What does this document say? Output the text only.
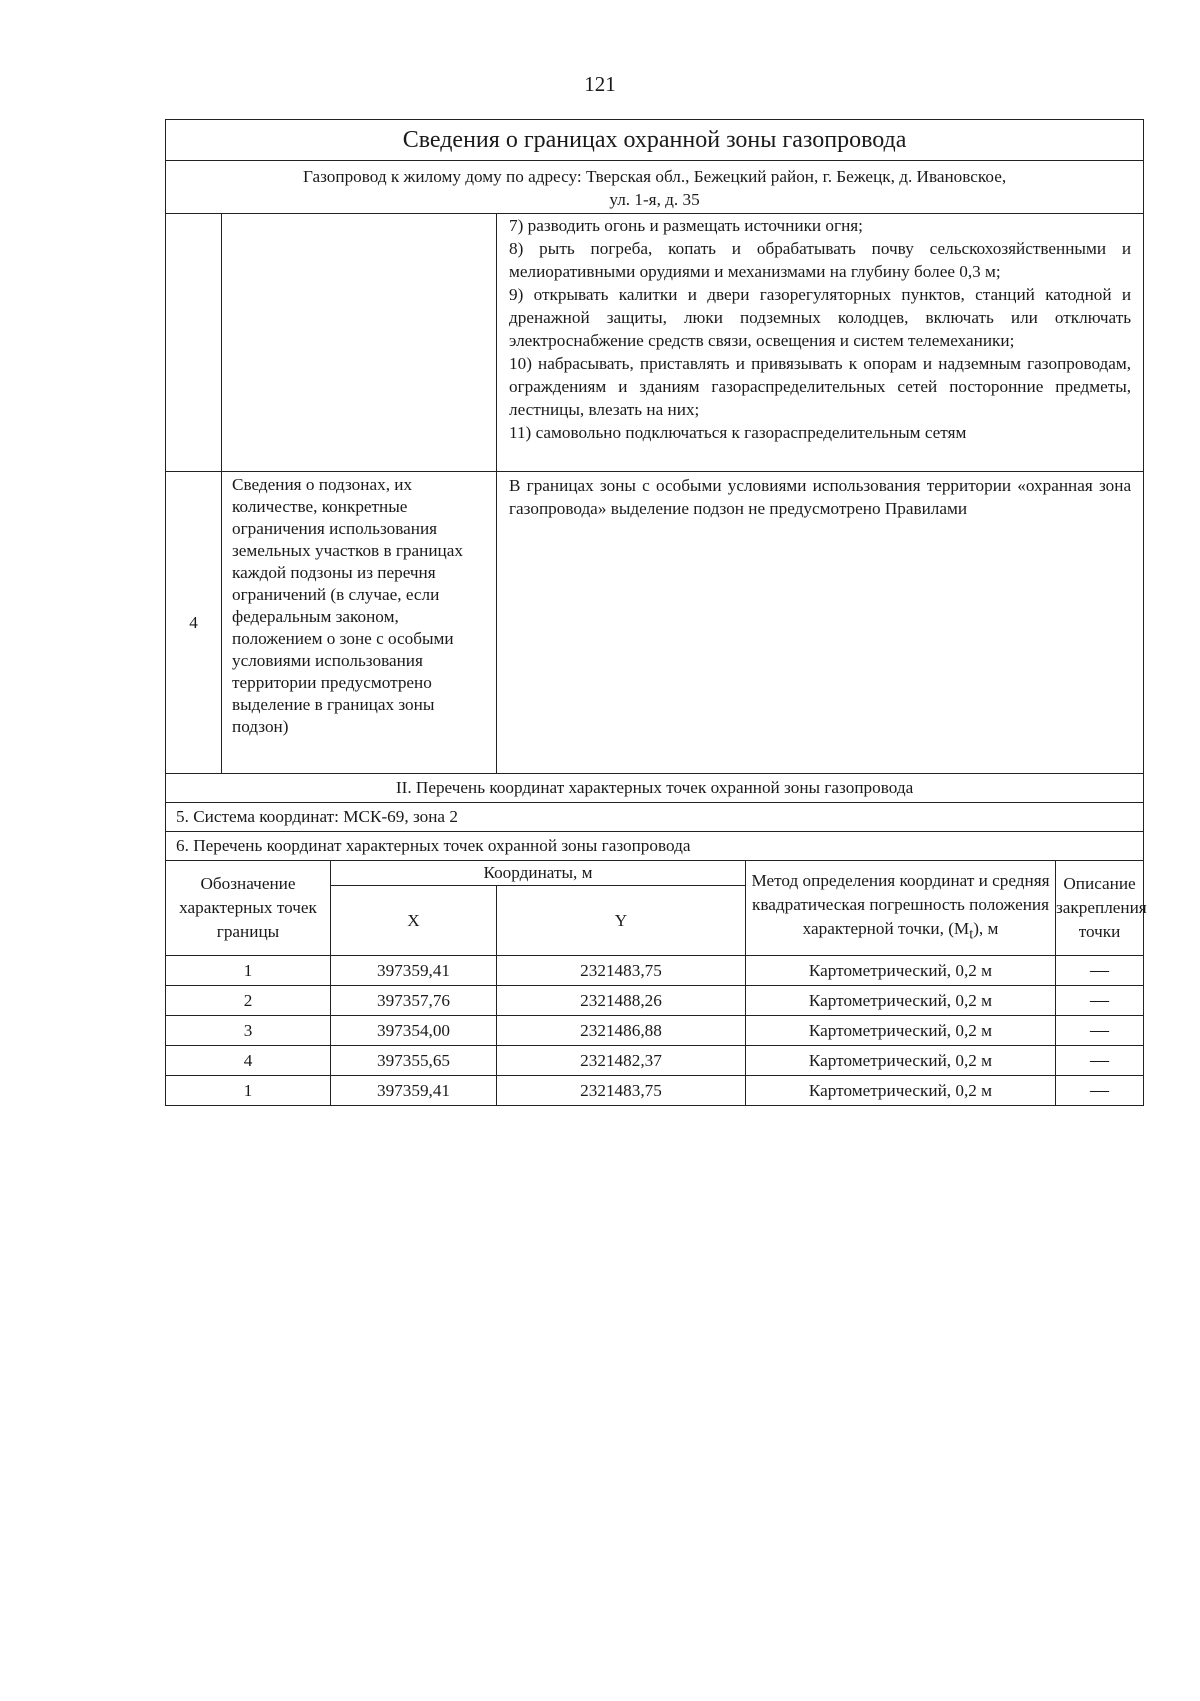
121
Сведения о границах охранной зоны газопровода					

Газопровод к жилому дому по адресу: Тверская обл., Бежецкий район, г. Бежецк, д. Ивановское,
ул. 1-я, д. 35					

			7) разводить огонь и размещать источники огня;

8) рыть погреба, копать и обрабатывать почву сельскохозяйственными и мелиоративными орудиями и механизмами на глубину более 0,3 м;

9) открывать калитки и двери газорегуляторных пунктов, станций катодной и дренажной защиты, люки подземных колодцев, включать или отключать электроснабжение средств связи, освещения и систем телемеханики;

10) набрасывать, приставлять и привязывать к опорам и надземным газопроводам, ограждениям и зданиям газораспределительных сетей посторонние предметы, лестницы, влезать на них;

11) самовольно подключаться к газораспределительным сетям		

4	Сведения о подзонах, их количестве, конкретные ограничения использования земельных участков в границах каждой подзоны из перечня ограничений (в случае, если федеральным законом, положением о зоне с особыми условиями использования территории предусмотрено выделение в границах зоны подзон)		В границах зоны с особыми условиями использования территории «охранная зона газопровода» выделение подзон не предусмотрено Правилами		
II. Перечень координат характерных точек охранной зоны газопровода					
5. Система координат: МСК-69, зона 2					
6. Перечень координат характерных точек охранной зоны газопровода					
Обозначение характерных точек границы		Координаты, м		Метод определения координат и средняя квадратическая погрешность положения характерной точки, $(M_t)$, м	Описание закрепления точки
		X	Y		
1		397359,41	2321483,75	Картометрический, 0,2 м	—
2		397357,76	2321488,26	Картометрический, 0,2 м	—
3		397354,00	2321486,88	Картометрический, 0,2 м	—
4		397355,65	2321482,37	Картометрический, 0,2 м	—
1		397359,41	2321483,75	Картометрический, 0,2 м	—
